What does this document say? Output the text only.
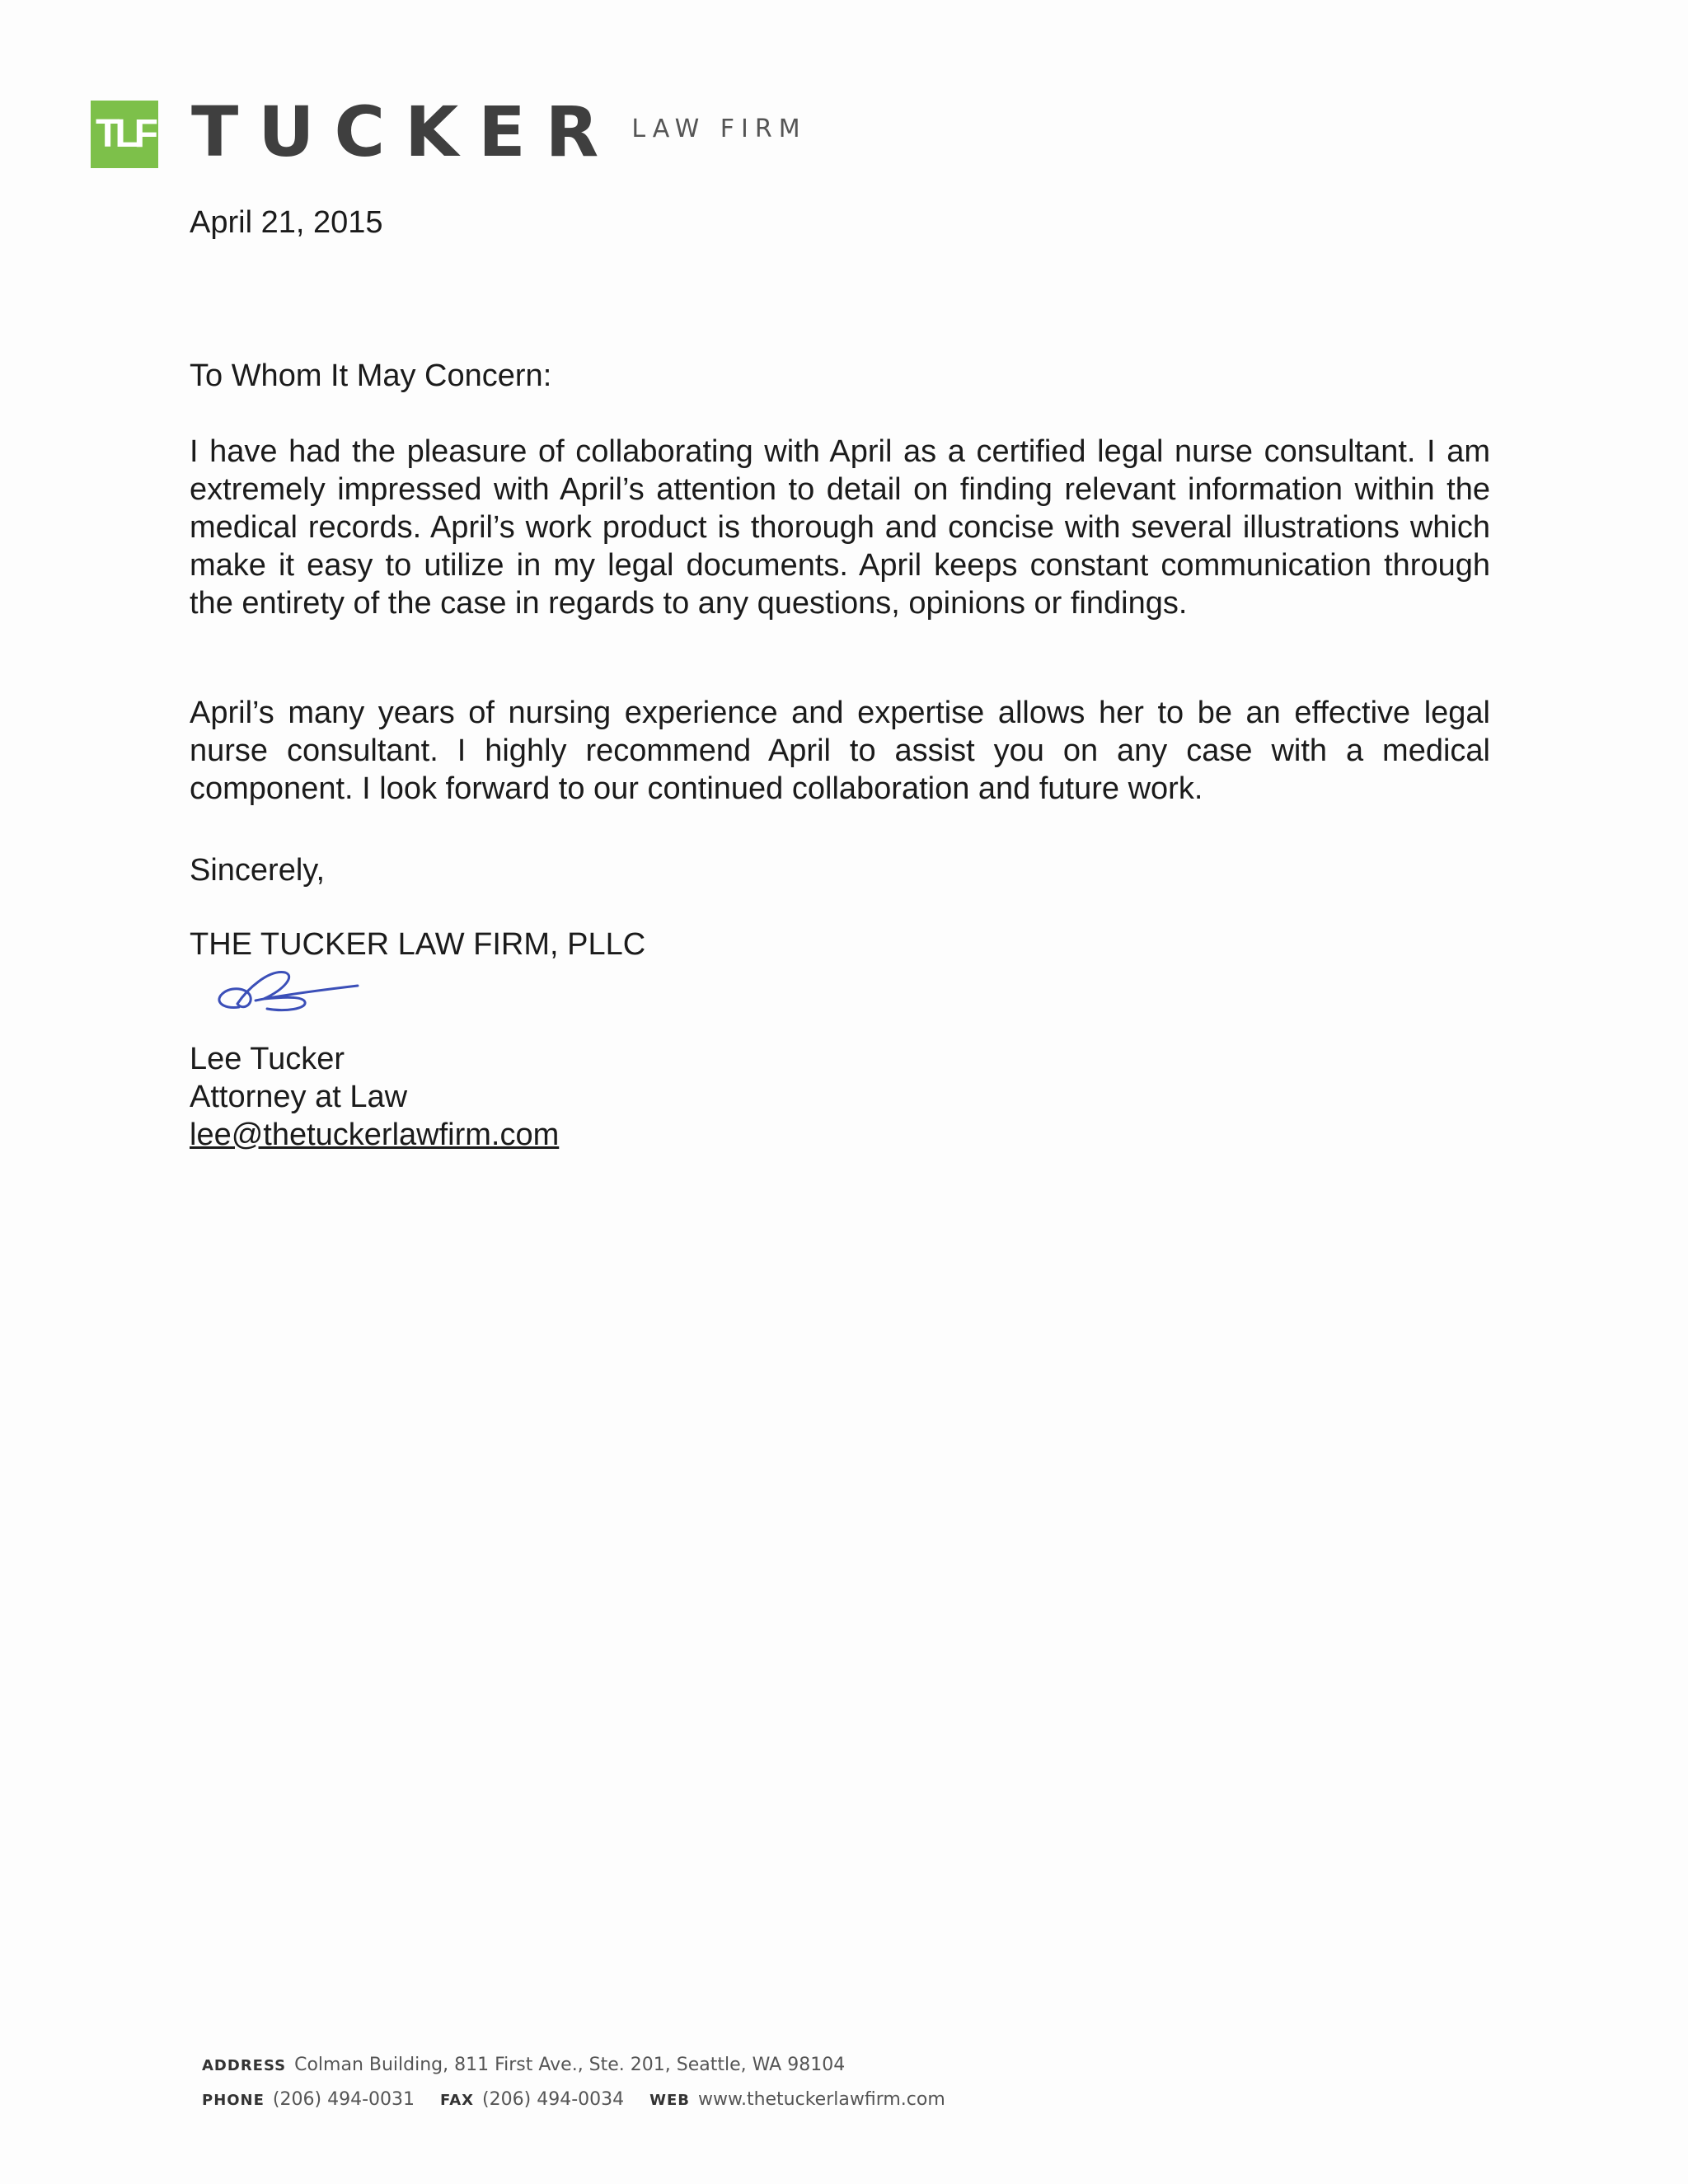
TLF TUCKER LAW FIRM
April 21, 2015
To Whom It May Concern:
I have had the pleasure of collaborating with April as a certified legal nurse consultant. I am extremely impressed with April’s attention to detail on finding relevant information within the medical records. April’s work product is thorough and concise with several illustrations which make it easy to utilize in my legal documents. April keeps constant communication through the entirety of the case in regards to any questions, opinions or findings.
April’s many years of nursing experience and expertise allows her to be an effective legal nurse consultant. I highly recommend April to assist you on any case with a medical component. I look forward to our continued collaboration and future work.
Sincerely,
THE TUCKER LAW FIRM, PLLC
Lee Tucker
Attorney at Law
lee@thetuckerlawfirm.com
ADDRESS Colman Building, 811 First Ave., Ste. 201, Seattle, WA 98104
PHONE (206) 494-0031 FAX (206) 494-0034 WEB www.thetuckerlawfirm.com
